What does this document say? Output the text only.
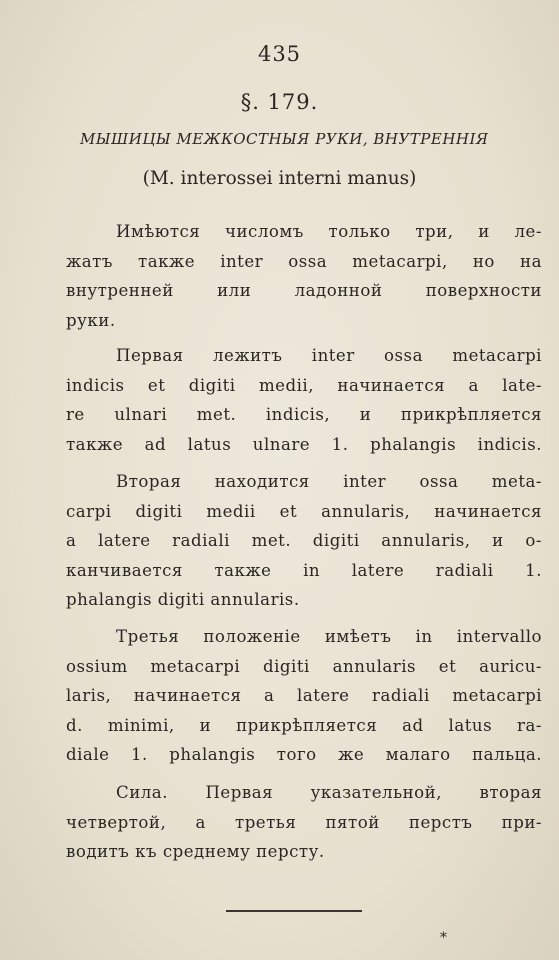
435
§. 179.
МЫШИЦЫ МЕЖКОСТНЫЯ РУКИ, ВНУТРЕННІЯ
(M. interossei interni manus)
Имѣются числомъ только три, и ле-
жатъ также inter ossa metacarpi, но на
внутренней или ладонной поверхности
руки.
Первая лежитъ inter ossa metacarpi
indicis et digiti medii, начинается a late-
re ulnari met. indicis, и прикрѣпляется
также ad latus ulnare 1. phalangis indicis.
Вторая находится inter ossa meta-
carpi digiti medii et annularis, начинается
a latere radiali met. digiti annularis, и о-
канчивается также in latere radiali 1.
phalangis digiti annularis.
Третья положеніе имѣетъ in intervallo
ossium metacarpi digiti annularis et auricu-
laris, начинается a latere radiali metacarpi
d. minimi, и прикрѣпляется ad latus ra-
diale 1. phalangis того же малаго пальца.
Сила. Первая указательной, вторая
четвертой, а третья пятой перстъ при-
водитъ къ среднему персту.
*
